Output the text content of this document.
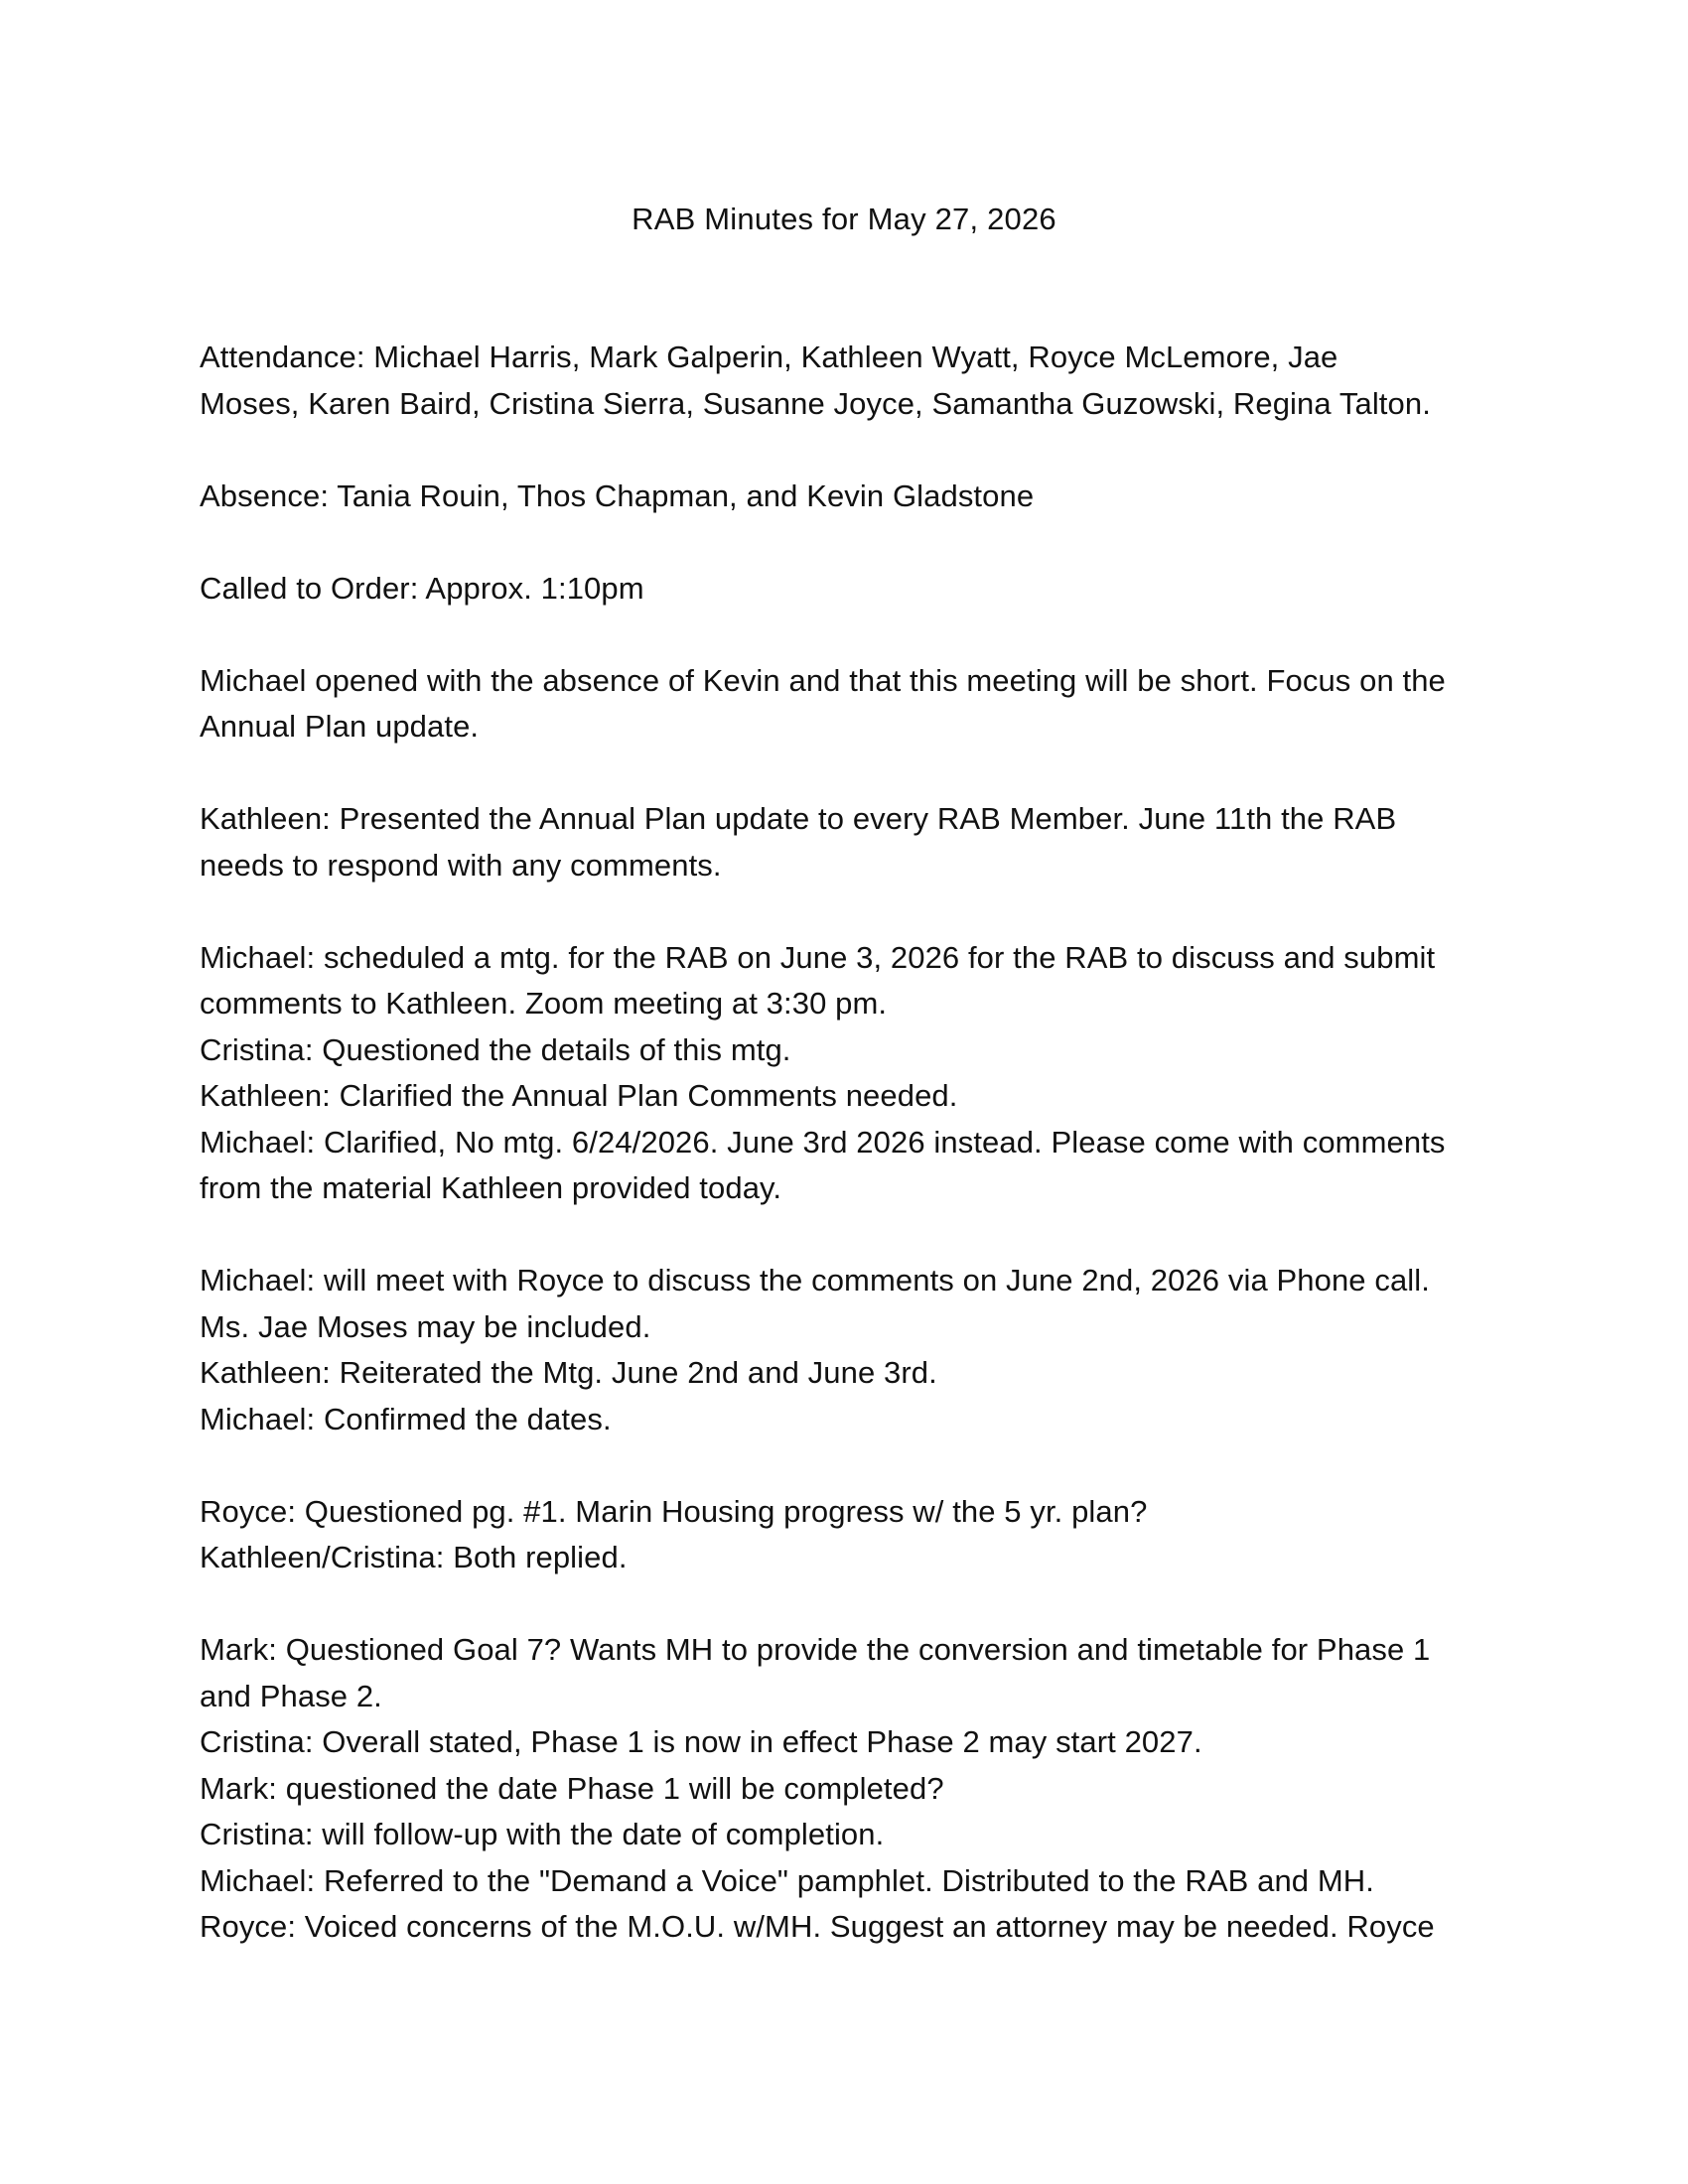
RAB Minutes for May 27, 2026
Attendance: Michael Harris, Mark Galperin, Kathleen Wyatt, Royce McLemore, Jae
Moses, Karen Baird, Cristina Sierra, Susanne Joyce, Samantha Guzowski, Regina Talton.
Absence: Tania Rouin, Thos Chapman, and Kevin Gladstone
Called to Order: Approx. 1:10pm
Michael opened with the absence of Kevin and that this meeting will be short. Focus on the
Annual Plan update.
Kathleen: Presented the Annual Plan update to every RAB Member. June 11th the RAB
needs to respond with any comments.
Michael: scheduled a mtg. for the RAB on June 3, 2026 for the RAB to discuss and submit
comments to Kathleen. Zoom meeting at 3:30 pm.
Cristina: Questioned the details of this mtg.
Kathleen: Clarified the Annual Plan Comments needed.
Michael: Clarified, No mtg. 6/24/2026. June 3rd 2026 instead. Please come with comments
from the material Kathleen provided today.
Michael: will meet with Royce to discuss the comments on June 2nd, 2026 via Phone call.
Ms. Jae Moses may be included.
Kathleen: Reiterated the Mtg. June 2nd and June 3rd.
Michael: Confirmed the dates.
Royce: Questioned pg. #1. Marin Housing progress w/ the 5 yr. plan?
Kathleen/Cristina: Both replied.
Mark: Questioned Goal 7? Wants MH to provide the conversion and timetable for Phase 1
and Phase 2.
Cristina: Overall stated, Phase 1 is now in effect Phase 2 may start 2027.
Mark: questioned the date Phase 1 will be completed?
Cristina: will follow-up with the date of completion.
Michael: Referred to the "Demand a Voice" pamphlet. Distributed to the RAB and MH.
Royce: Voiced concerns of the M.O.U. w/MH. Suggest an attorney may be needed. Royce
